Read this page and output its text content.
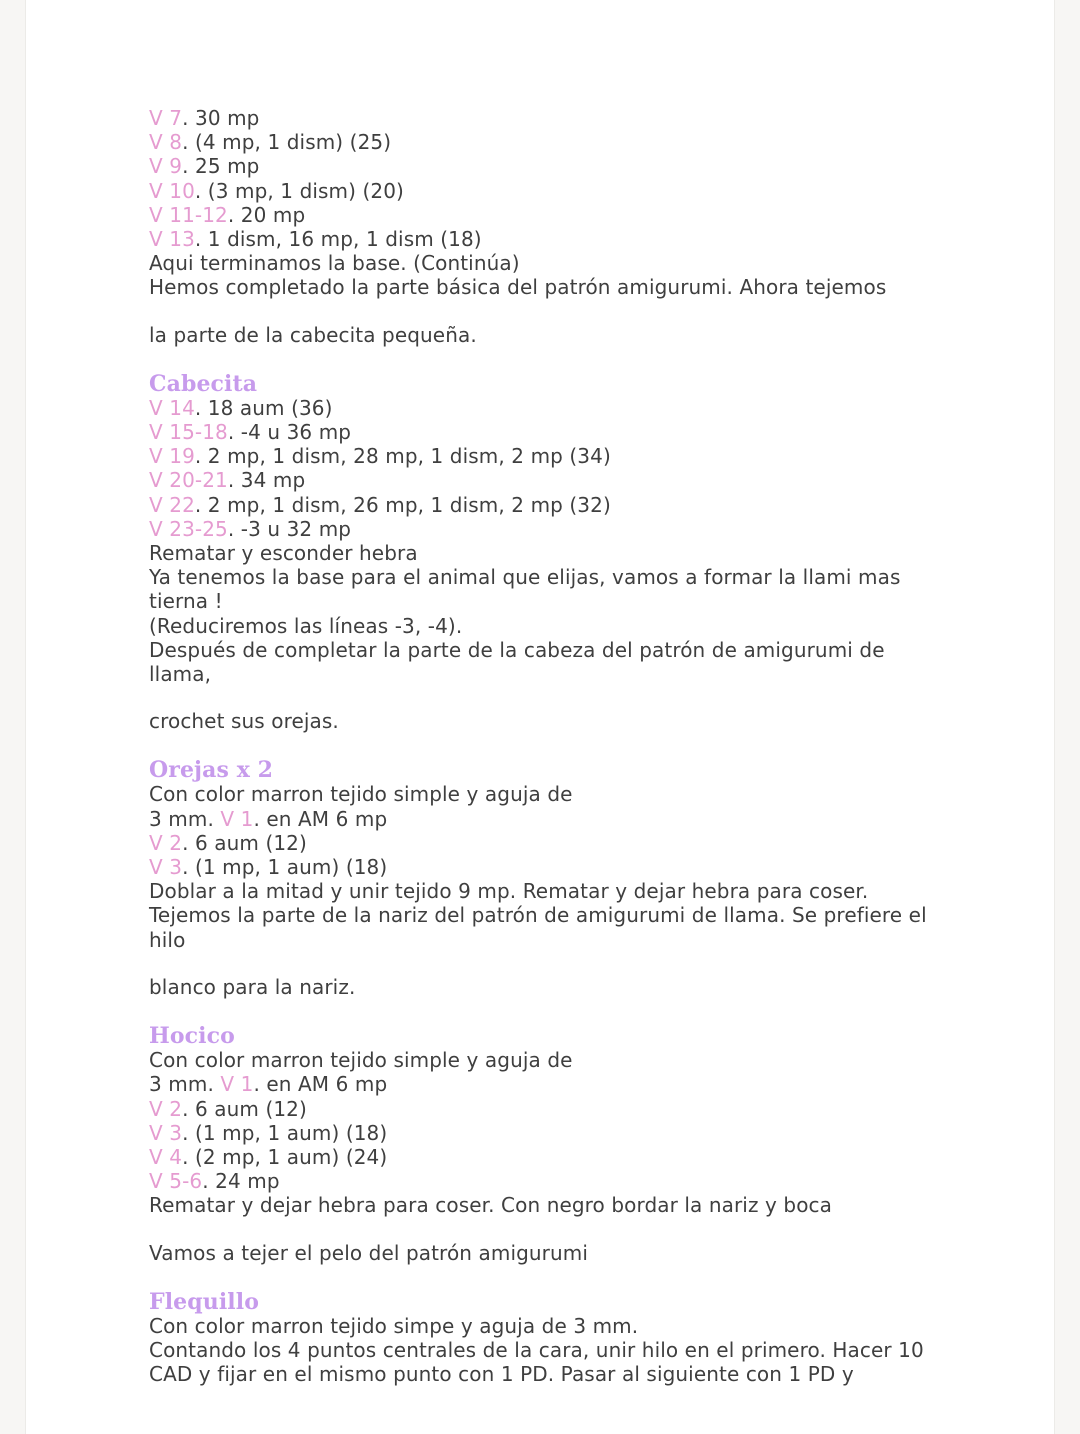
V 7. 30 mp

V 8. (4 mp, 1 dism) (25)

V 9. 25 mp

V 10. (3 mp, 1 dism) (20)

V 11-12. 20 mp

V 13. 1 dism, 16 mp, 1 dism (18)

Aqui terminamos la base. (Continúa)

Hemos completado la parte básica del patrón amigurumi. Ahora tejemos

la parte de la cabecita pequeña.

Cabecita

V 14. 18 aum (36)

V 15-18. -4 u 36 mp

V 19. 2 mp, 1 dism, 28 mp, 1 dism, 2 mp (34)

V 20-21. 34 mp

V 22. 2 mp, 1 dism, 26 mp, 1 dism, 2 mp (32)

V 23-25. -3 u 32 mp

Rematar y esconder hebra

Ya tenemos la base para el animal que elijas, vamos a formar la llami mas tierna !

(Reduciremos las líneas -3, -4).

Después de completar la parte de la cabeza del patrón de amigurumi de llama,

crochet sus orejas.

Orejas x 2

Con color marron tejido simple y aguja de

3 mm. V 1. en AM 6 mp

V 2. 6 aum (12)

V 3. (1 mp, 1 aum) (18)

Doblar a la mitad y unir tejido 9 mp. Rematar y dejar hebra para coser.

Tejemos la parte de la nariz del patrón de amigurumi de llama. Se prefiere el hilo

blanco para la nariz.

Hocico

Con color marron tejido simple y aguja de

3 mm. V 1. en AM 6 mp

V 2. 6 aum (12)

V 3. (1 mp, 1 aum) (18)

V 4. (2 mp, 1 aum) (24)

V 5-6. 24 mp

Rematar y dejar hebra para coser. Con negro bordar la nariz y boca

Vamos a tejer el pelo del patrón amigurumi

Flequillo

Con color marron tejido simpe y aguja de 3 mm.

Contando los 4 puntos centrales de la cara, unir hilo en el primero. Hacer 10 CAD y fijar en el mismo punto con 1 PD. Pasar al siguiente con 1 PD y
